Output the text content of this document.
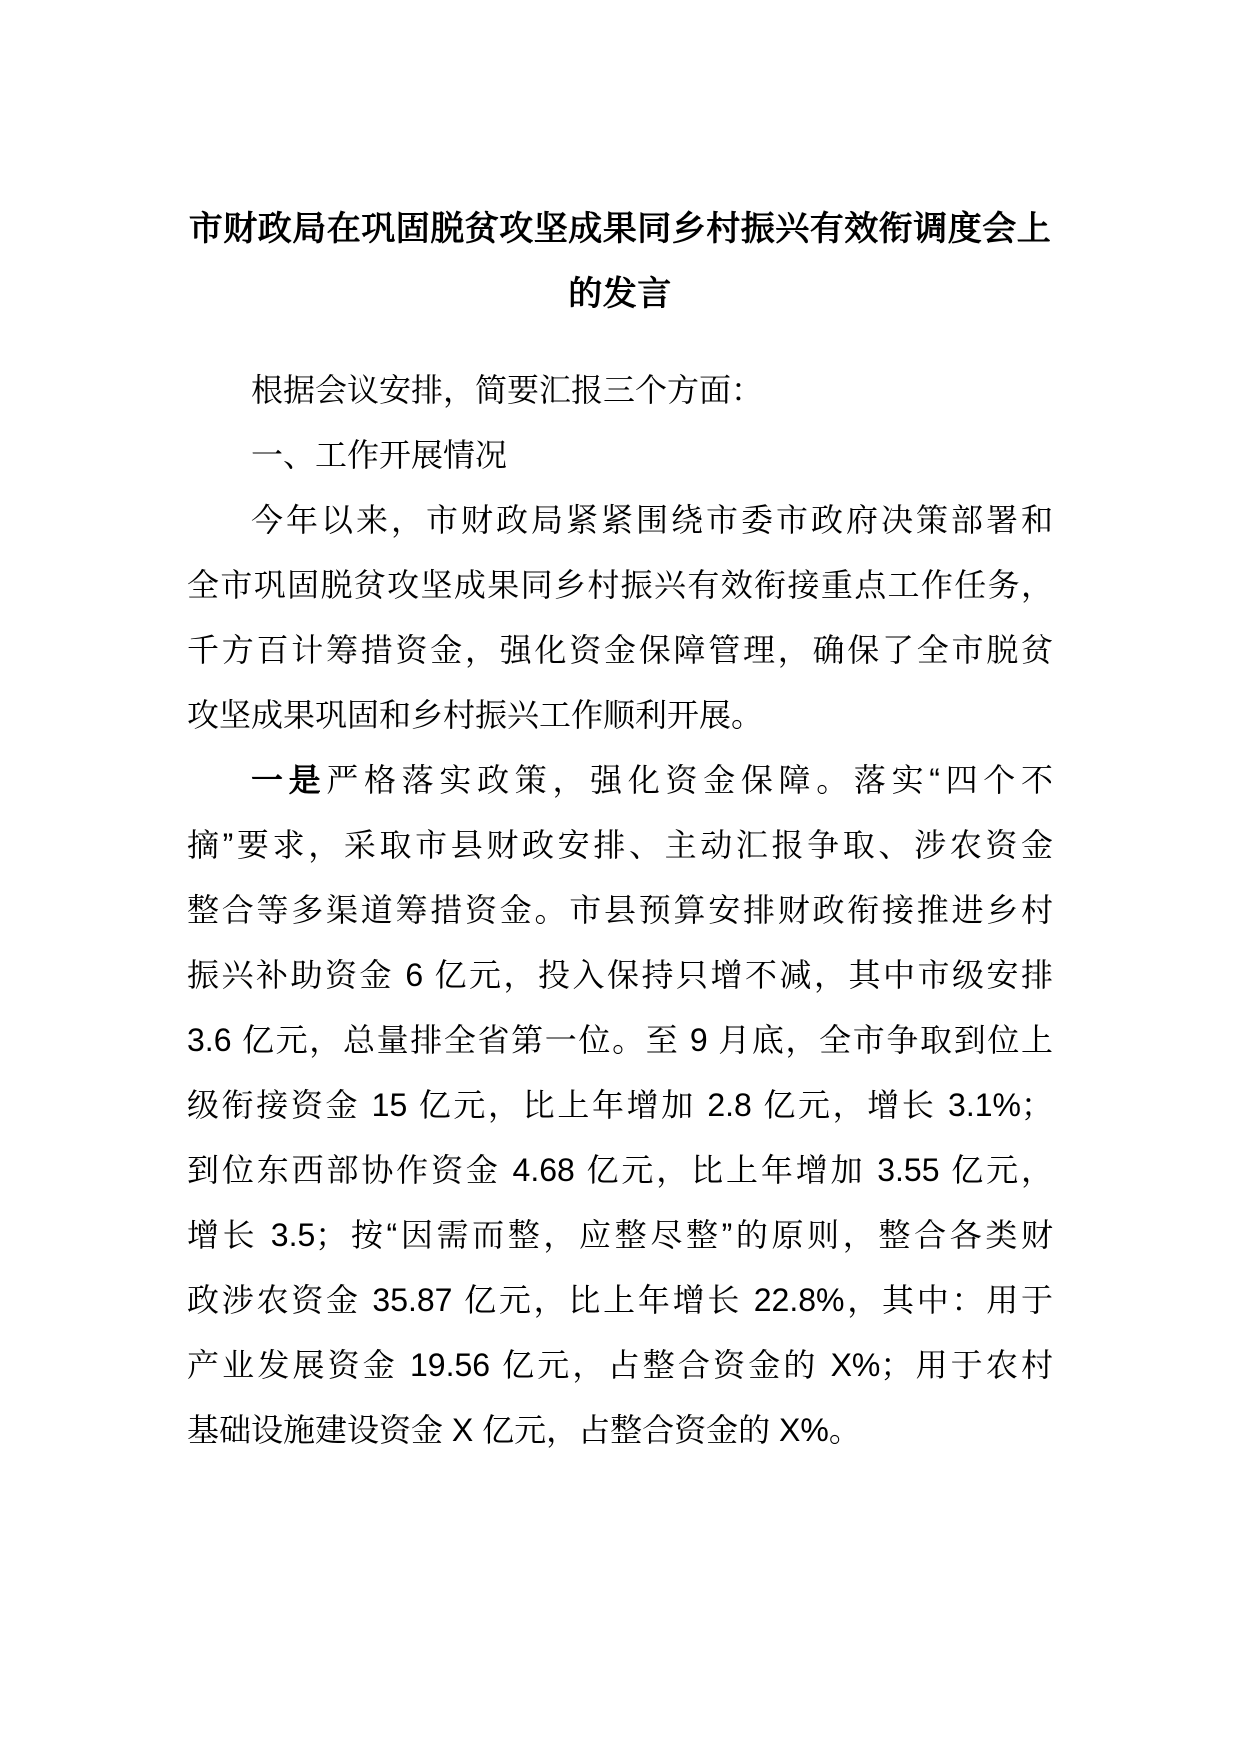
市财政局在巩固脱贫攻坚成果同乡村振兴有效衔调度会上
的发言
根据会议安排，简要汇报三个方面：
一、工作开展情况
今年以来，市财政局紧紧围绕市委市政府决策部署和
全市巩固脱贫攻坚成果同乡村振兴有效衔接重点工作任务，
千方百计筹措资金，强化资金保障管理，确保了全市脱贫
攻坚成果巩固和乡村振兴工作顺利开展。
一是严格落实政策，强化资金保障。落实“四个不
摘”要求，采取市县财政安排、主动汇报争取、涉农资金
整合等多渠道筹措资金。市县预算安排财政衔接推进乡村
振兴补助资金 6 亿元，投入保持只增不减，其中市级安排
3.6 亿元，总量排全省第一位。至 9 月底，全市争取到位上
级衔接资金 15 亿元，比上年增加 2.8 亿元，增长 3.1%；
到位东西部协作资金 4.68 亿元，比上年增加 3.55 亿元，
增长 3.5；按“因需而整，应整尽整”的原则，整合各类财
政涉农资金 35.87 亿元，比上年增长 22.8%，其中：用于
产业发展资金 19.56 亿元，占整合资金的 X%；用于农村
基础设施建设资金 X 亿元，占整合资金的 X%。
